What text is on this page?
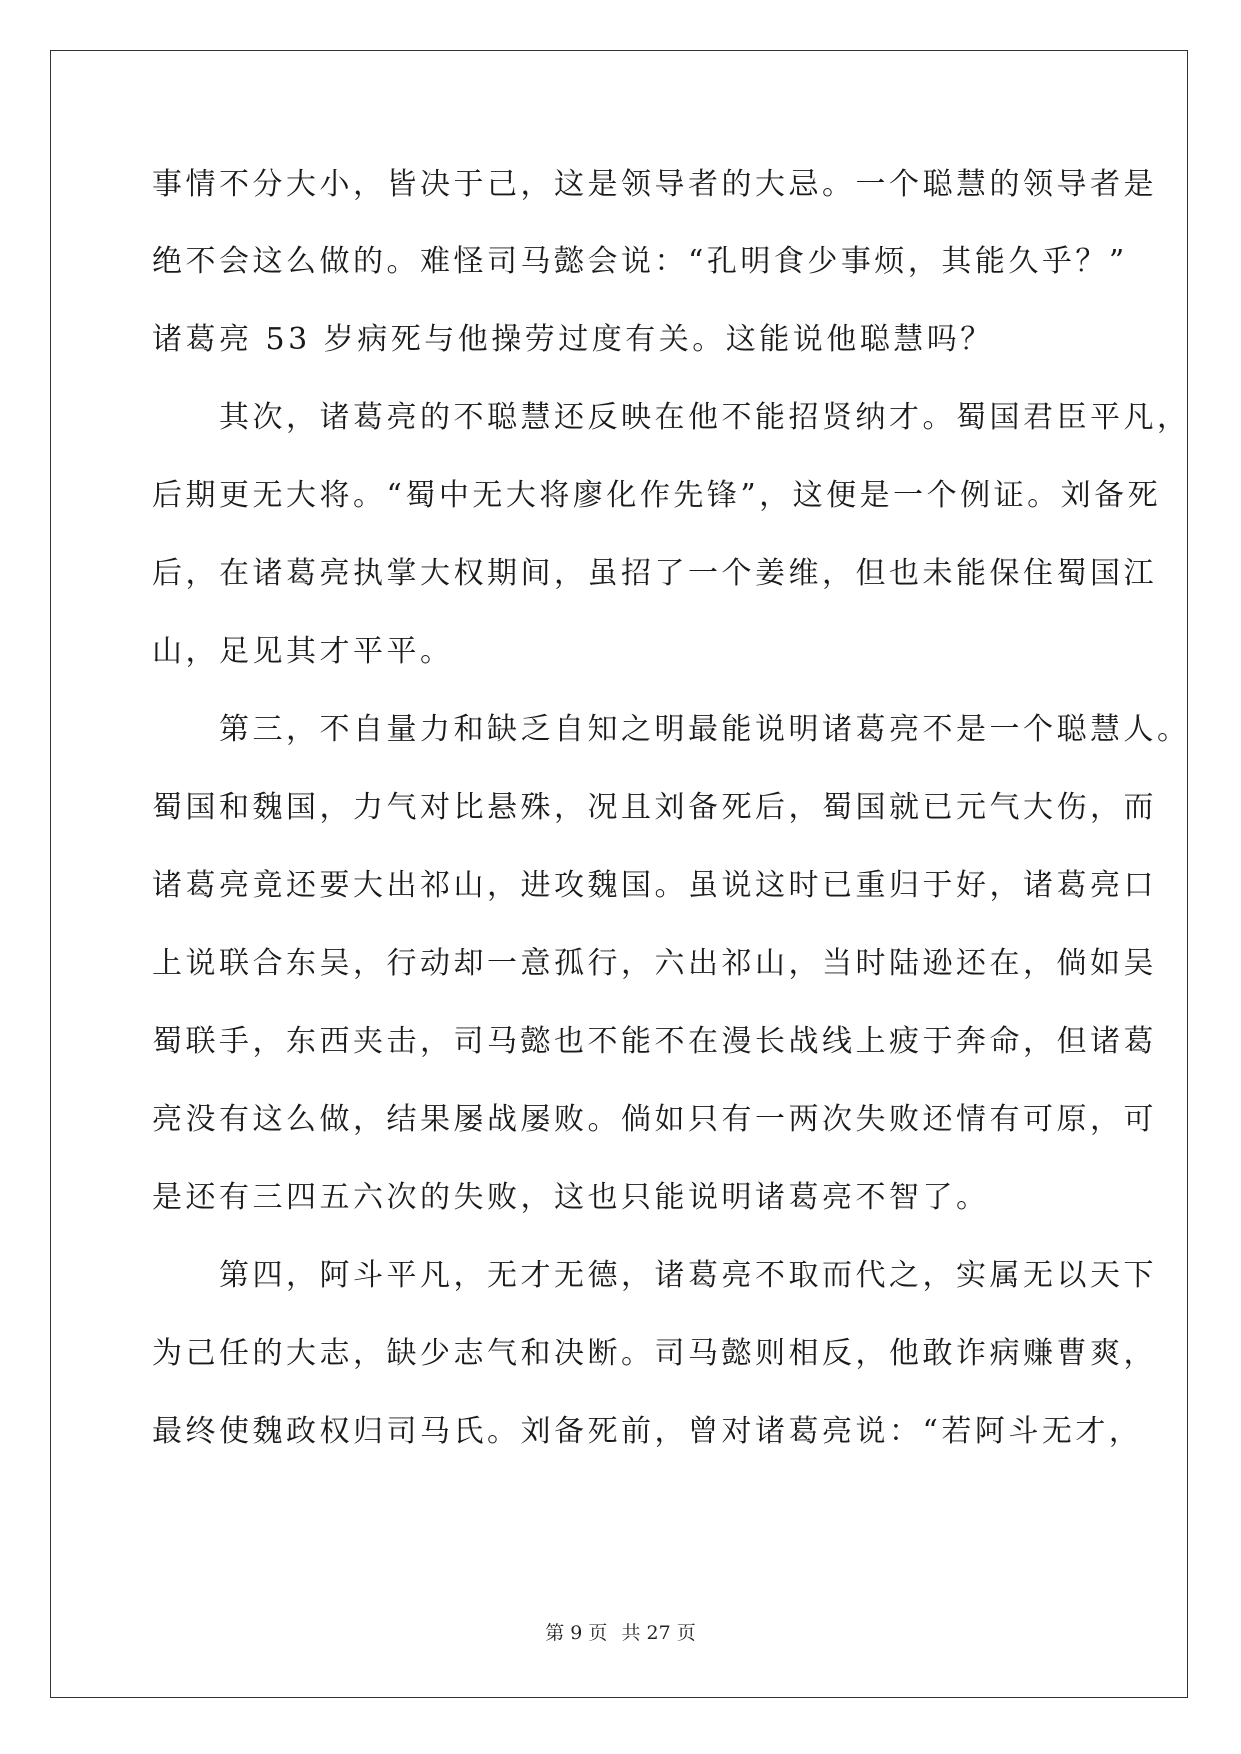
事情不分大小，皆决于己，这是领导者的大忌。一个聪慧的领导者是
绝不会这么做的。难怪司马懿会说：“孔明食少事烦，其能久乎？”
诸葛亮 53 岁病死与他操劳过度有关。这能说他聪慧吗？
　　其次，诸葛亮的不聪慧还反映在他不能招贤纳才。蜀国君臣平凡，
后期更无大将。“蜀中无大将廖化作先锋”，这便是一个例证。刘备死
后，在诸葛亮执掌大权期间，虽招了一个姜维，但也未能保住蜀国江
山，足见其才平平。
　　第三，不自量力和缺乏自知之明最能说明诸葛亮不是一个聪慧人。
蜀国和魏国，力气对比悬殊，况且刘备死后，蜀国就已元气大伤，而
诸葛亮竟还要大出祁山，进攻魏国。虽说这时已重归于好，诸葛亮口
上说联合东吴，行动却一意孤行，六出祁山，当时陆逊还在，倘如吴
蜀联手，东西夹击，司马懿也不能不在漫长战线上疲于奔命，但诸葛
亮没有这么做，结果屡战屡败。倘如只有一两次失败还情有可原，可
是还有三四五六次的失败，这也只能说明诸葛亮不智了。
　　第四，阿斗平凡，无才无德，诸葛亮不取而代之，实属无以天下
为己任的大志，缺少志气和决断。司马懿则相反，他敢诈病赚曹爽，
最终使魏政权归司马氏。刘备死前，曾对诸葛亮说：“若阿斗无才，
第 9 页 共 27 页
